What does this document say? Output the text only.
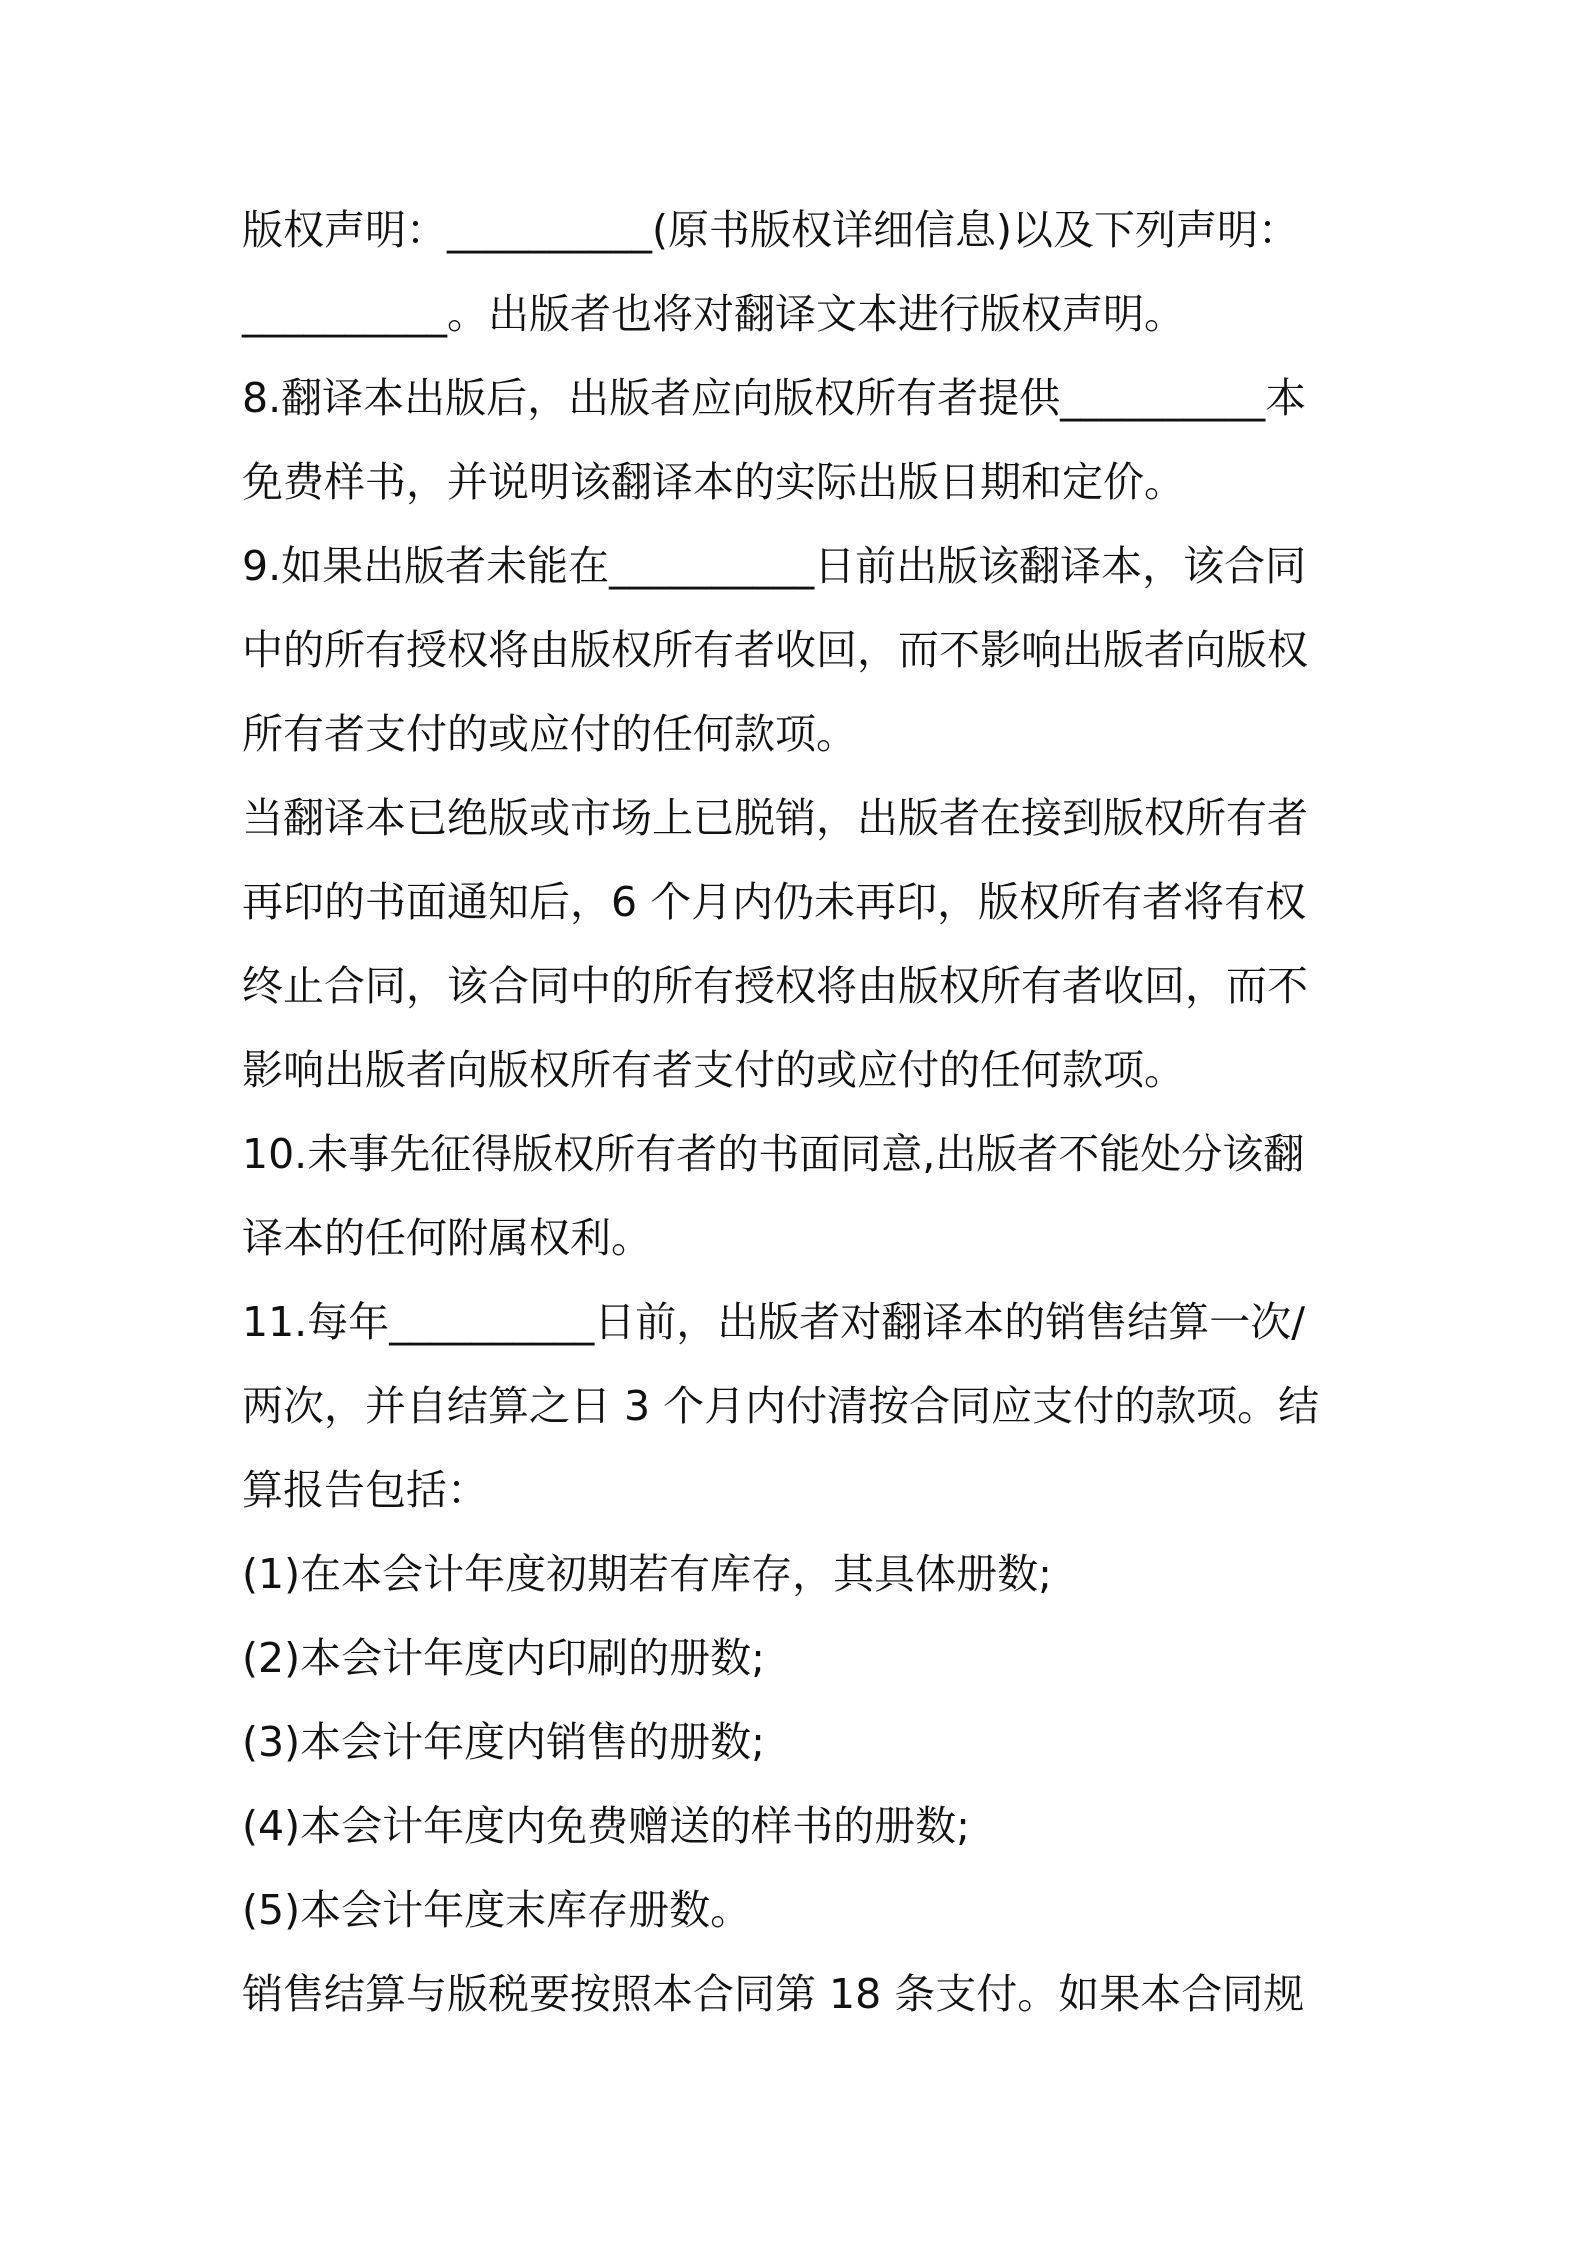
版权声明：__________(原书版权详细信息)以及下列声明：
__________。出版者也将对翻译文本进行版权声明。
8.翻译本出版后，出版者应向版权所有者提供__________本
免费样书，并说明该翻译本的实际出版日期和定价。
9.如果出版者未能在__________日前出版该翻译本，该合同
中的所有授权将由版权所有者收回，而不影响出版者向版权
所有者支付的或应付的任何款项。
当翻译本已绝版或市场上已脱销，出版者在接到版权所有者
再印的书面通知后，6 个月内仍未再印，版权所有者将有权
终止合同，该合同中的所有授权将由版权所有者收回，而不
影响出版者向版权所有者支付的或应付的任何款项。
10.未事先征得版权所有者的书面同意,出版者不能处分该翻
译本的任何附属权利。
11.每年__________日前，出版者对翻译本的销售结算一次/
两次，并自结算之日 3 个月内付清按合同应支付的款项。结
算报告包括：
(1)在本会计年度初期若有库存，其具体册数;
(2)本会计年度内印刷的册数;
(3)本会计年度内销售的册数;
(4)本会计年度内免费赠送的样书的册数;
(5)本会计年度末库存册数。
销售结算与版税要按照本合同第 18 条支付。如果本合同规
